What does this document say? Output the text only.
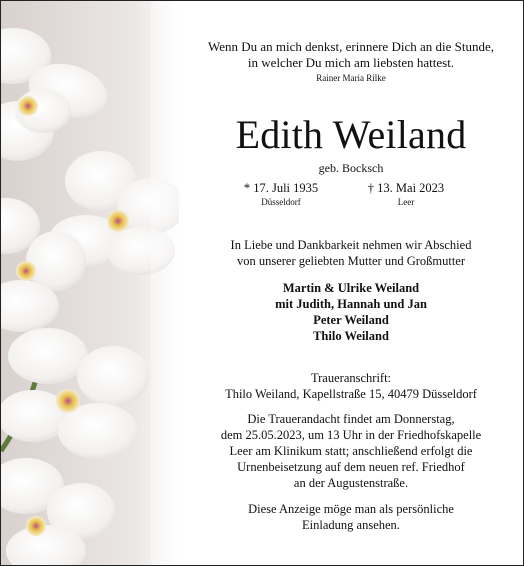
Wenn Du an mich denkst, erinnere Dich an die Stunde,
in welcher Du mich am liebsten hattest.
Rainer Maria Rilke
Edith Weiland
geb. Bocksch
* 17. Juli 1935
Düsseldorf
† 13. Mai 2023
Leer
In Liebe und Dankbarkeit nehmen wir Abschied
von unserer geliebten Mutter und Großmutter
Martin & Ulrike Weiland
mit Judith, Hannah und Jan
Peter Weiland
Thilo Weiland
Traueranschrift:
Thilo Weiland, Kapellstraße 15, 40479 Düsseldorf
Die Trauerandacht findet am Donnerstag,
dem 25.05.2023, um 13 Uhr in der Friedhofskapelle
Leer am Klinikum statt; anschließend erfolgt die
Urnenbeisetzung auf dem neuen ref. Friedhof
an der Augustenstraße.
Diese Anzeige möge man als persönliche
Einladung ansehen.
